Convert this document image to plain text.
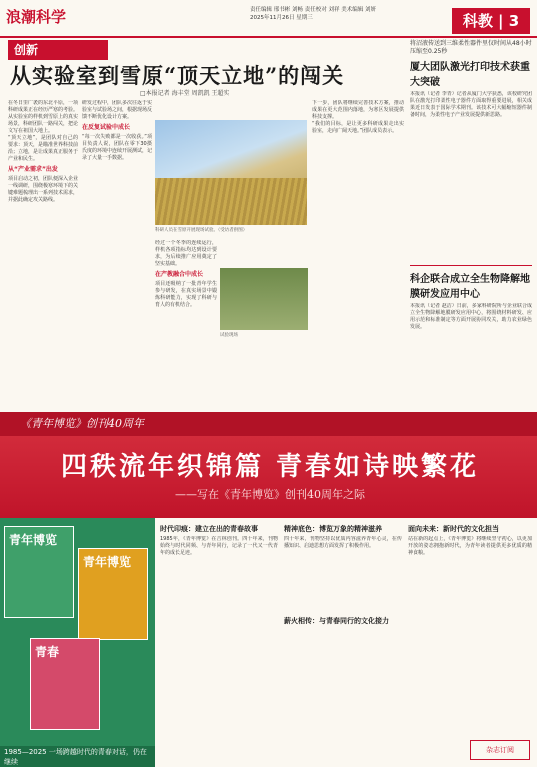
浪潮科学	责任编辑 邢书彬 刘畅 责任校对 刘祥 美术编辑 刘妍
2025年11月26日 星期三	科教 | 3
创新
从实验室到雪原“顶天立地”的闯关
□本报记者 海丰堂 周凯凯 王超实
在冬日里广袤的东北平原，一项科研成果正在经历严寒的考验。从实验室的样机到雪原上的真实场景，科研团队一路闯关，把论文写在祖国大地上。
“顶天立地”，是团队对自己的要求：顶天，是瞄准世界科技前沿；立地，是让成果真正服务于产业和民生。
从“产业需求”出发
项目启动之初，团队便深入企业一线调研，围绕极寒环境下的关键难题梳理出一系列技术需求，并据此确定攻关路线。
研发过程中，团队多次往返于实验室与试验场之间，根据现场反馈不断优化设计方案。
在反复试验中成长
“每一次失败都是一次收获。”项目负责人说，团队在零下30摄氏度的环境中连续开展测试，记录了大量一手数据。
经过一个冬季的连续运行，样机各项指标均达到设计要求，为后续推广应用奠定了坚实基础。
在产教融合中成长
项目还吸纳了一批青年学生参与研发，在真实场景中锻炼科研能力，实现了科研与育人的有机结合。
下一步，团队将继续完善技术方案，推动成果在更大范围内落地，为寒区发展提供科技支撑。
“我们的目标，是让更多科研成果走出实验室，走向广阔天地。”团队成员表示。
科研人员在雪原开展现场试验。（受访者供图）
试验现场
将沼液传送到三维柔性器件里仅时间从48小时压缩至0.25秒
厦大团队激光打印技术获重大突破
本报讯（记者 李青）记者从厦门大学获悉，该校研究团队在激光打印柔性电子器件方面取得重要进展，相关成果近日发表于国际学术期刊。该技术可大幅缩短器件制备时间，为柔性电子产业发展提供新思路。
科企联合成立全生物降解地膜研发应用中心
本报讯（记者 赵洁）日前，多家科研院所与企业联合成立全生物降解地膜研发应用中心，将围绕材料研发、应用示范和标准制定等方面开展协同攻关，助力农业绿色发展。
《青年博览》创刊40周年
四秩流年织锦篇 青春如诗映繁花
——写在《青年博览》创刊40周年之际
青年博览
青年博览
青春
1985—2025 一场跨越时代的青春对话，仍在继续
时代印痕：建立在出的青春故事
1985年，《青年博览》在吉林创刊。四十年来，刊物始终与时代同频、与青年同行，记录了一代又一代青年的成长足迹。
精神底色：博览万象的精神滋养
四十年来，刊物坚持以优质内容滋养青年心灵，在传播知识、启迪思想方面发挥了积极作用。
薪火相传：与青春同行的文化接力
面向未来：新时代的文化担当
站在新的起点上，《青年博览》将继续坚守初心，以更加开放的姿态拥抱新时代，为青年读者提供更多优质的精神食粮。
杂志订阅
